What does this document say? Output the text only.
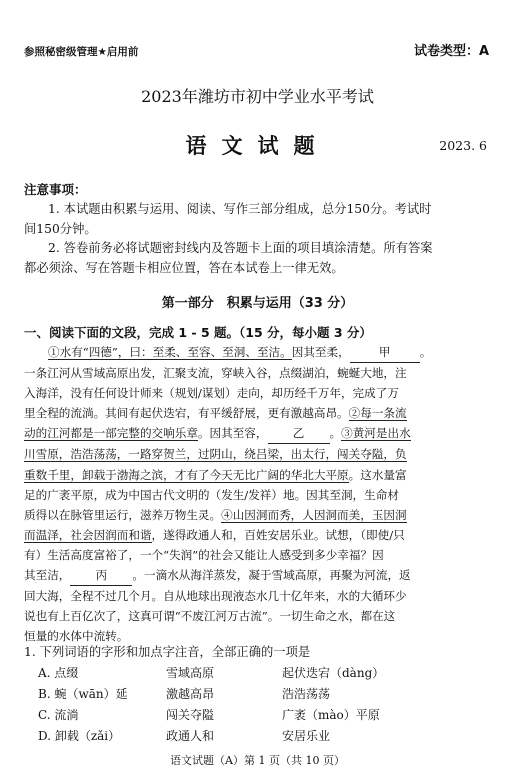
参照秘密级管理★启用前	试卷类型：A
2023年潍坊市初中学业水平考试
语文试题	2023. 6
注意事项：
1. 本试题由积累与运用、阅读、写作三部分组成，总分150分。考试时
间150分钟。
2. 答卷前务必将试题密封线内及答题卡上面的项目填涂清楚。所有答案
都必须涂、写在答题卡相应位置，答在本试卷上一律无效。
第一部分　积累与运用（33 分）
一、阅读下面的文段，完成 1 - 5 题。（15 分，每小题 3 分）
①水有“四德”，曰：至柔、至容、至洞、至洁。因其至柔，	甲	。
一条江河从雪域高原出发，汇聚支流，穿峡入谷，点缀湖泊，蜿蜒大地，注
入海洋，没有任何设计师来（规划/谋划）走向，却历经千万年，完成了万
里全程的流淌。其间有起伏迭宕，有平缓舒展，更有激越高昂。②每一条流
动的江河都是一部完整的交响乐章。因其至容， 乙 。③黄河是出水
川雪原，浩浩荡荡，一路穿贺兰，过阴山，绕吕梁，出太行，闯关夺隘，负
重数千里，卸载于渤海之滨，才有了今天无比广阔的华北大平原。这水量富
足的广袤平原，成为中国古代文明的（发生/发祥）地。因其至洞，生命材
质得以在脉管里运行，滋养万物生灵。④山因洞而秀，人因洞而美，玉因洞
而温泽，社会因润而和谐，遂得政通人和，百姓安居乐业。试想，（即使/只
有）生活高度富裕了，一个“失润”的社会又能让人感受到多少幸福？因
其至洁， 丙 。一滴水从海洋蒸发，凝于雪域高原，再聚为河流，返
回大海，全程不过几个月。自从地球出现液态水几十亿年来，水的大循环少
说也有上百亿次了，这真可谓“不废江河万古流”。一切生命之水，都在这
恒量的水体中流转。
1. 下列词语的字形和加点字注音，全部正确的一项是
A. 点缀	雪域高原	起伏迭宕（dàng）
B. 蜿（wān）延	激越高昂	浩浩荡荡
C. 流淌	闯关夺隘	广袤（mào）平原
D. 卸载（zǎi）	政通人和	安居乐业
语文试题（A）第 1 页（共 10 页）
